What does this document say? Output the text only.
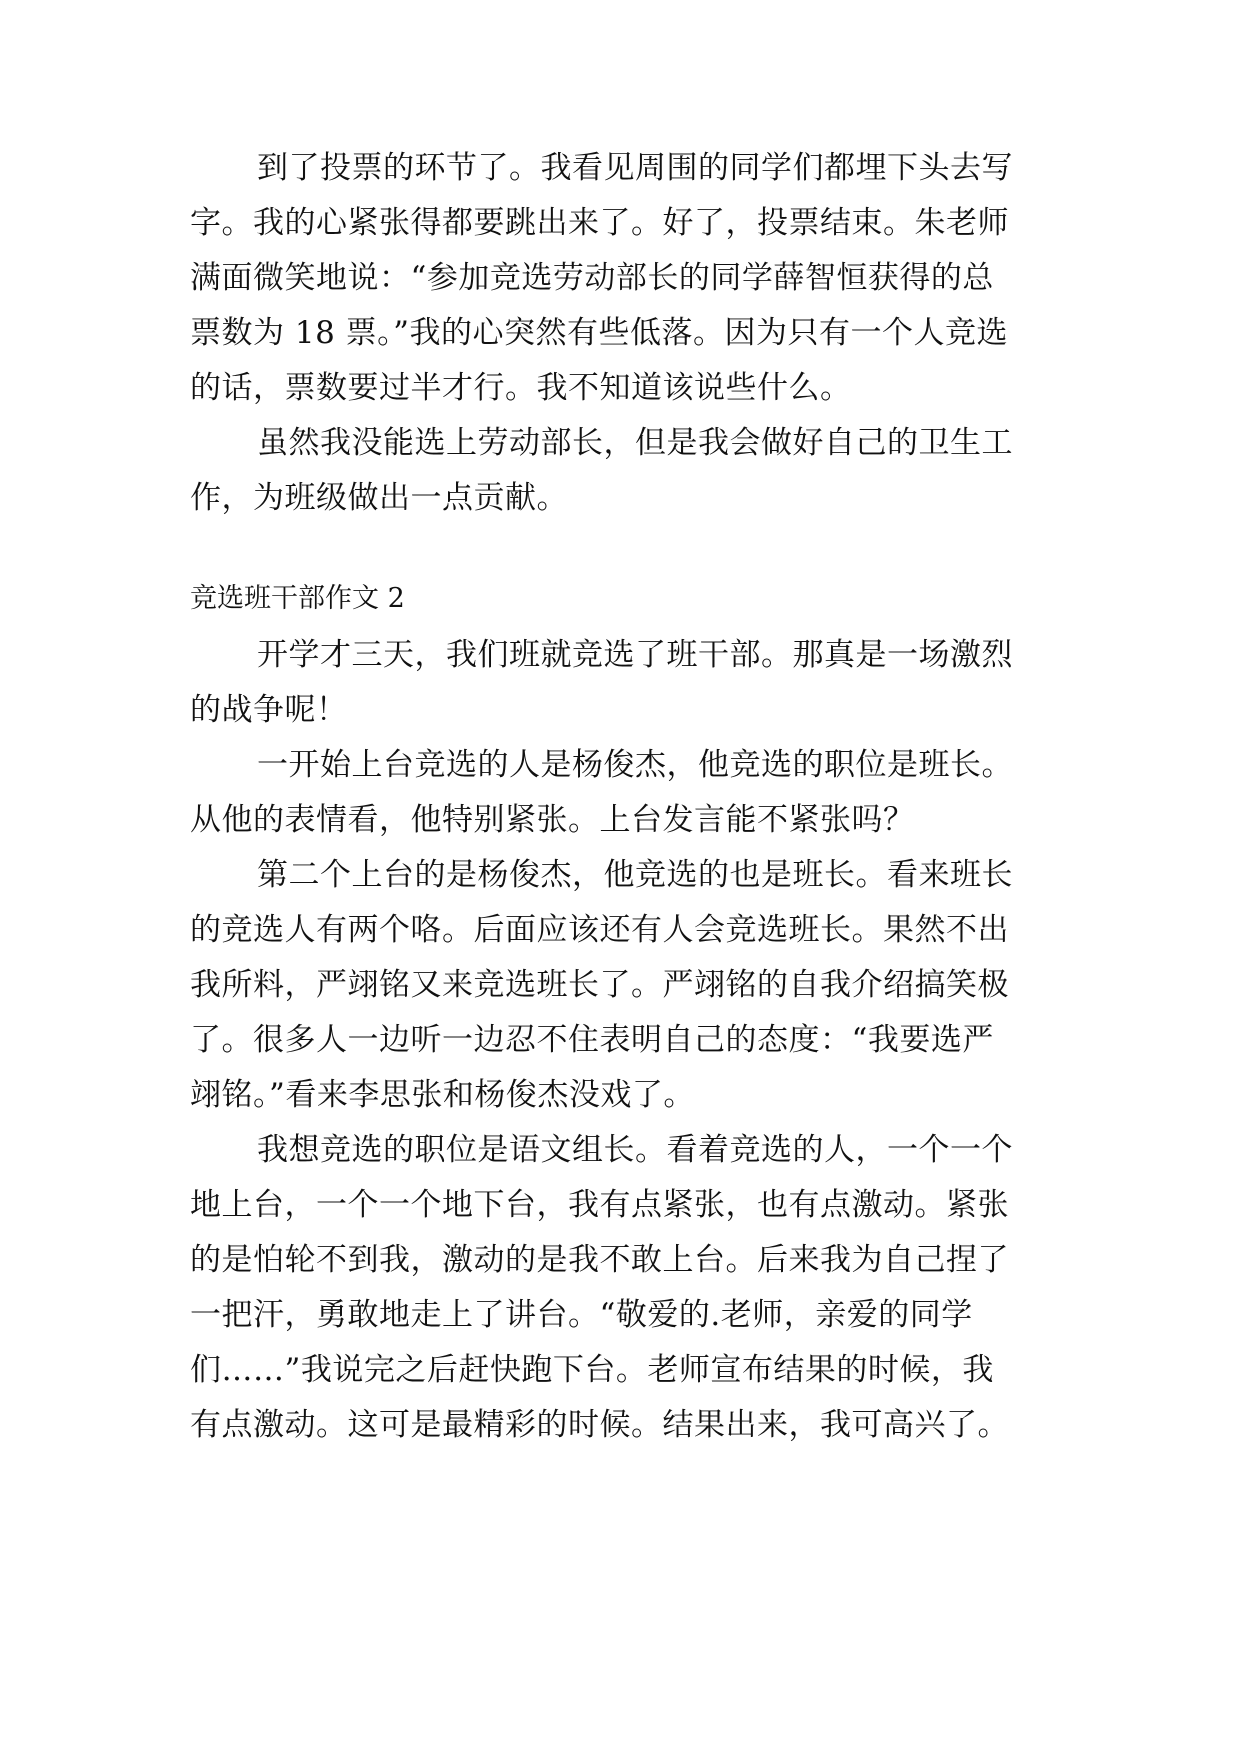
到了投票的环节了。我看见周围的同学们都埋下头去写
字。我的心紧张得都要跳出来了。好了，投票结束。朱老师
满面微笑地说：“参加竞选劳动部长的同学薛智恒获得的总
票数为 18 票。”我的心突然有些低落。因为只有一个人竞选
的话，票数要过半才行。我不知道该说些什么。
虽然我没能选上劳动部长，但是我会做好自己的卫生工
作，为班级做出一点贡献。
竞选班干部作文 2
开学才三天，我们班就竞选了班干部。那真是一场激烈
的战争呢！
一开始上台竞选的人是杨俊杰，他竞选的职位是班长。
从他的表情看，他特别紧张。上台发言能不紧张吗？
第二个上台的是杨俊杰，他竞选的也是班长。看来班长
的竞选人有两个咯。后面应该还有人会竞选班长。果然不出
我所料，严翊铭又来竞选班长了。严翊铭的自我介绍搞笑极
了。很多人一边听一边忍不住表明自己的态度：“我要选严
翊铭。”看来李思张和杨俊杰没戏了。
我想竞选的职位是语文组长。看着竞选的人，一个一个
地上台，一个一个地下台，我有点紧张，也有点激动。紧张
的是怕轮不到我，激动的是我不敢上台。后来我为自己捏了
一把汗，勇敢地走上了讲台。“敬爱的.老师，亲爱的同学
们……”我说完之后赶快跑下台。老师宣布结果的时候，我
有点激动。这可是最精彩的时候。结果出来，我可高兴了。
